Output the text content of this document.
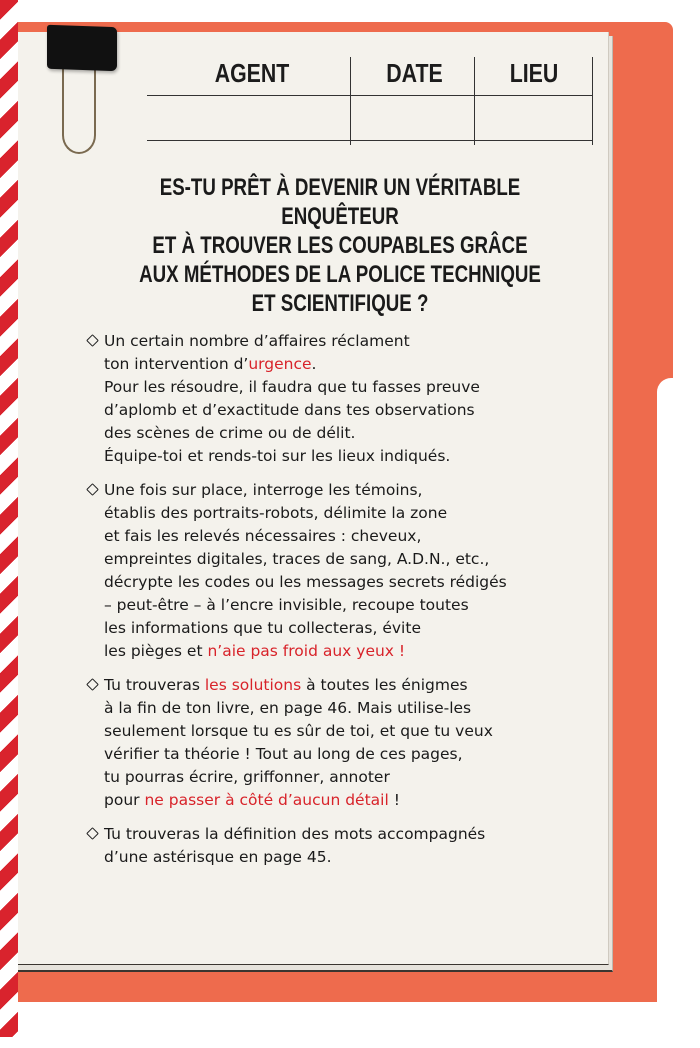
AGENT	DATE	LIEU
ES-TU PRÊT À DEVENIR UN VÉRITABLE ENQUÊTEUR
ET À TROUVER LES COUPABLES GRÂCE
AUX MÉTHODES DE LA POLICE TECHNIQUE
ET SCIENTIFIQUE ?
Un certain nombre d’affaires réclament
ton intervention d’urgence.
Pour les résoudre, il faudra que tu fasses preuve
d’aplomb et d’exactitude dans tes observations
des scènes de crime ou de délit.
Équipe-toi et rends-toi sur les lieux indiqués.
Une fois sur place, interroge les témoins,
établis des portraits-robots, délimite la zone
et fais les relevés nécessaires : cheveux,
empreintes digitales, traces de sang, A.D.N., etc.,
décrypte les codes ou les messages secrets rédigés
– peut-être – à l’encre invisible, recoupe toutes
les informations que tu collecteras, évite
les pièges et n’aie pas froid aux yeux !
Tu trouveras les solutions à toutes les énigmes
à la fin de ton livre, en page 46. Mais utilise-les
seulement lorsque tu es sûr de toi, et que tu veux
vérifier ta théorie ! Tout au long de ces pages,
tu pourras écrire, griffonner, annoter
pour ne passer à côté d’aucun détail !
Tu trouveras la définition des mots accompagnés
d’une astérisque en page 45.
